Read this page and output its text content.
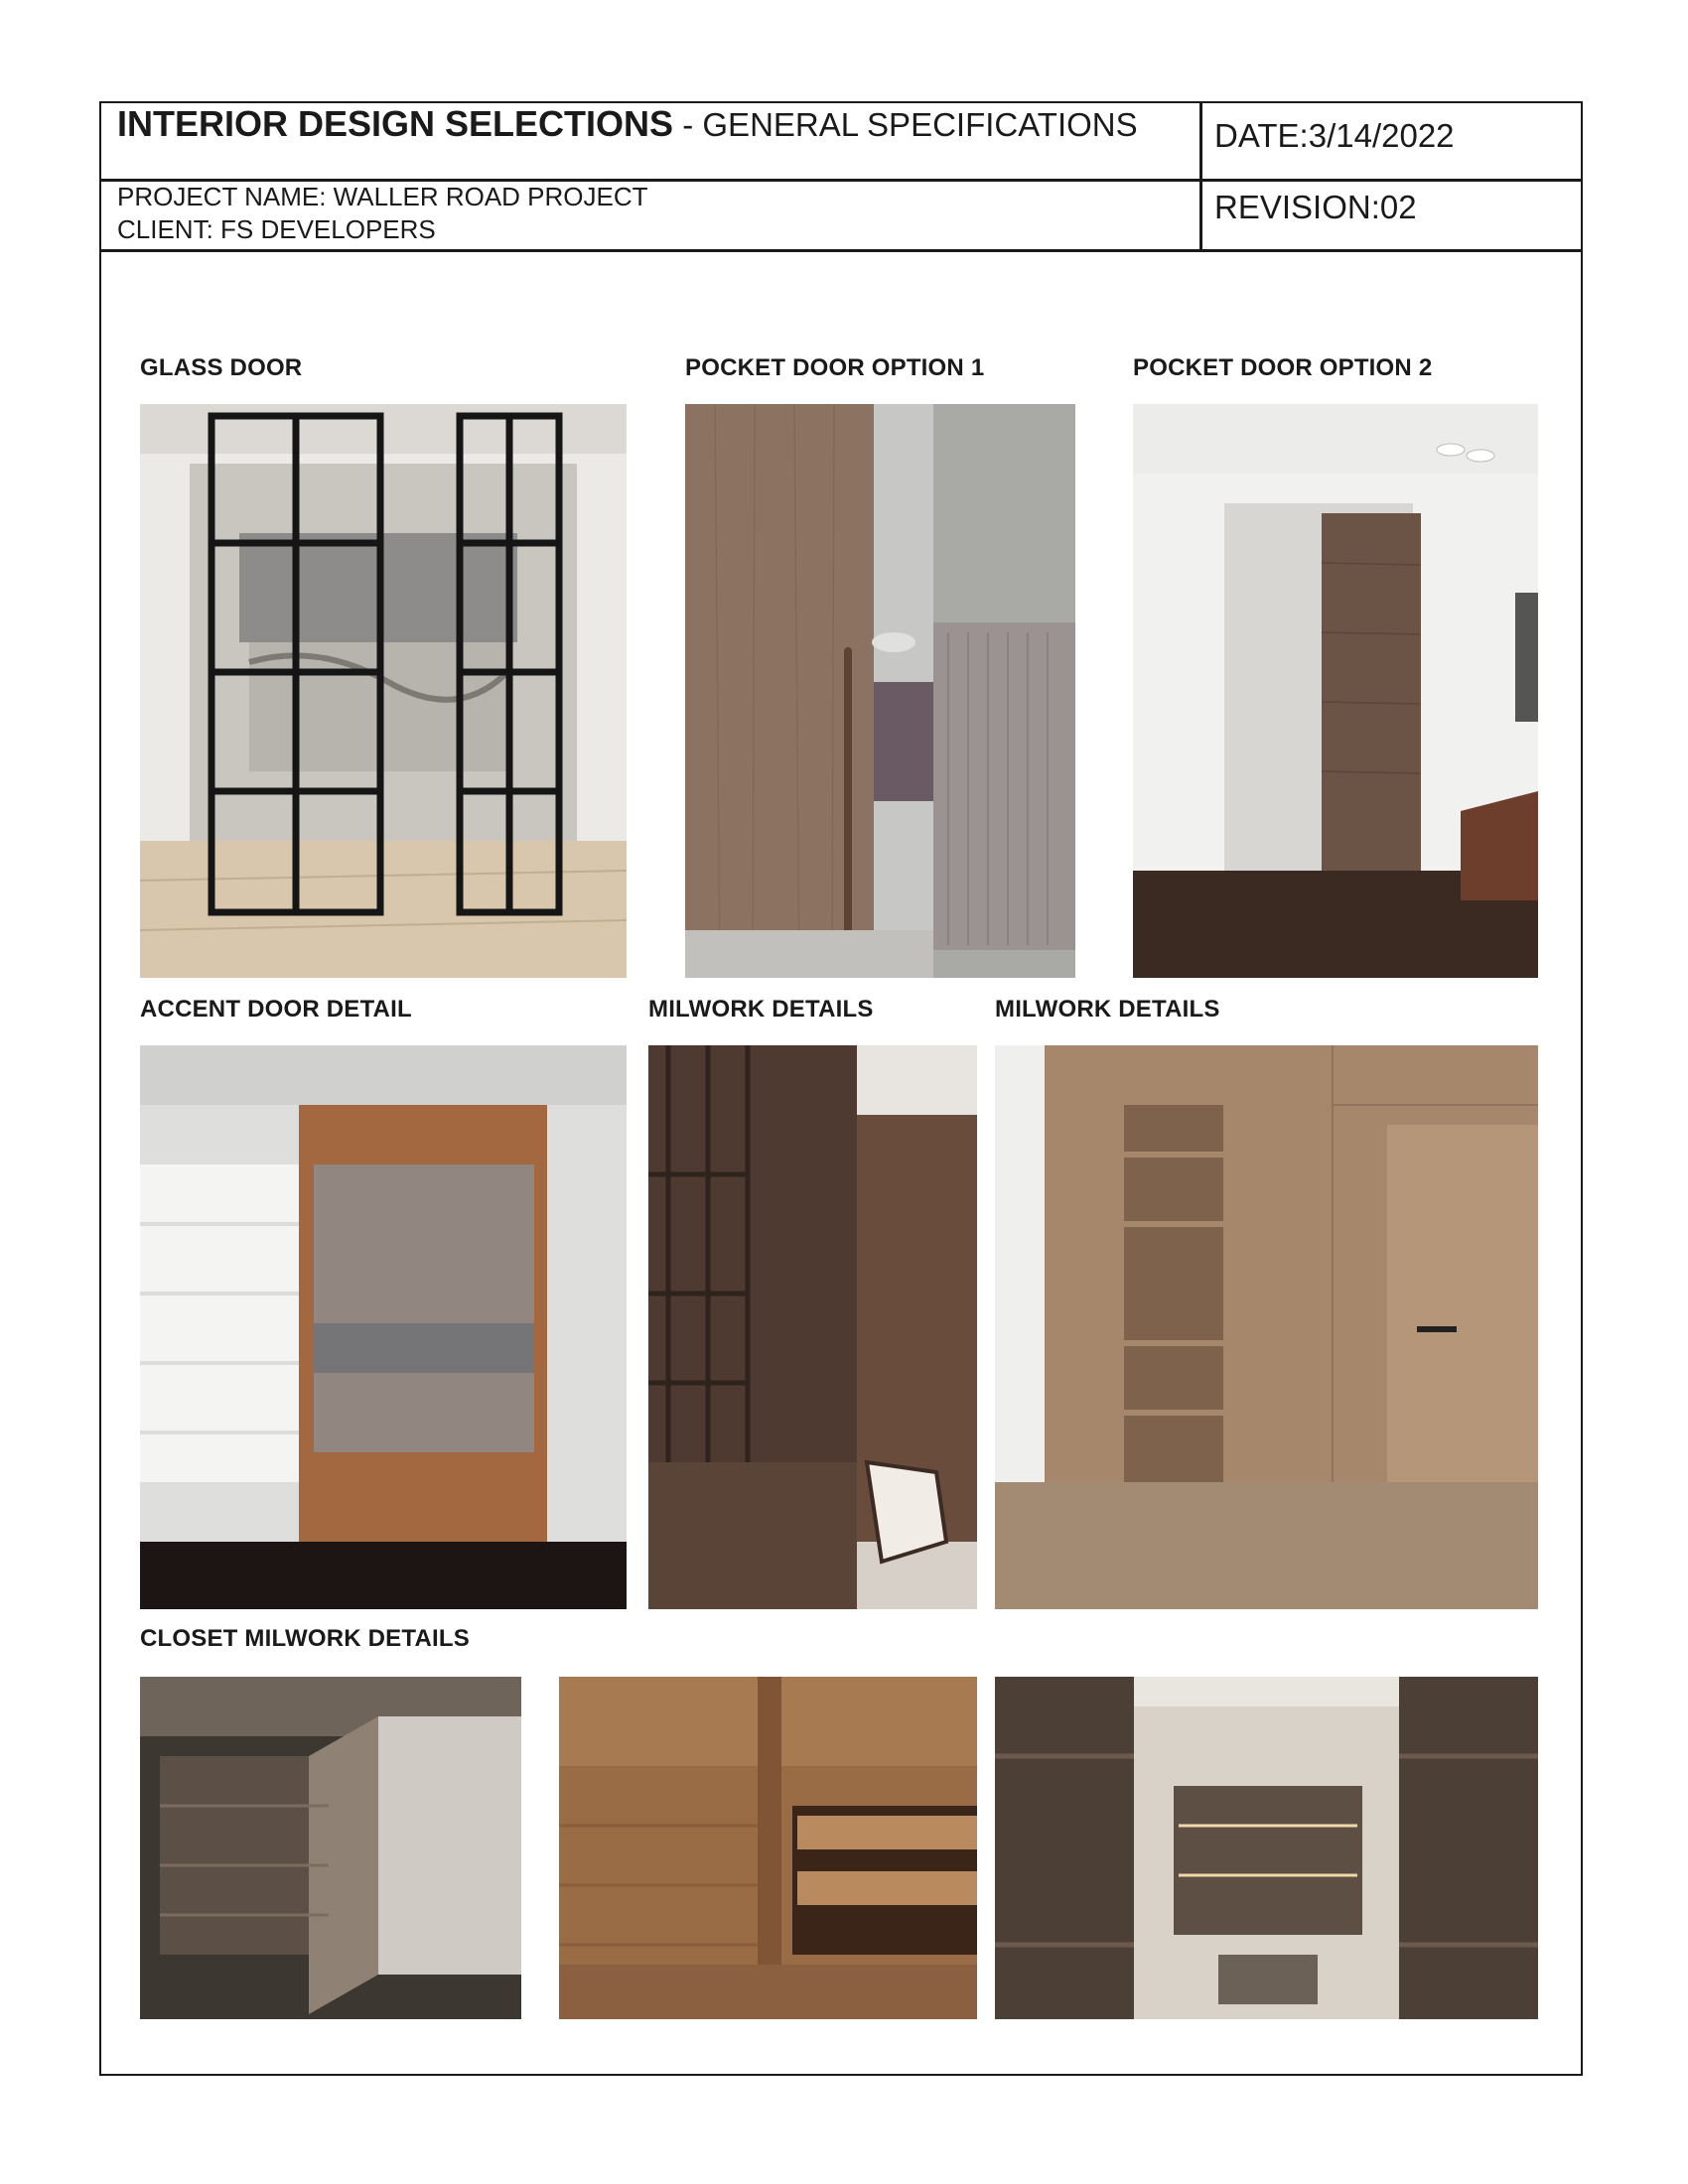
INTERIOR DESIGN SELECTIONS - GENERAL SPECIFICATIONS DATE:3/14/2022
PROJECT NAME: WALLER ROAD PROJECT
CLIENT: FS DEVELOPERS
REVISION:02
GLASS DOOR	POCKET DOOR OPTION 1	POCKET DOOR OPTION 2
ACCENT DOOR DETAIL	MILWORK DETAILS	MILWORK DETAILS
CLOSET MILWORK DETAILS
